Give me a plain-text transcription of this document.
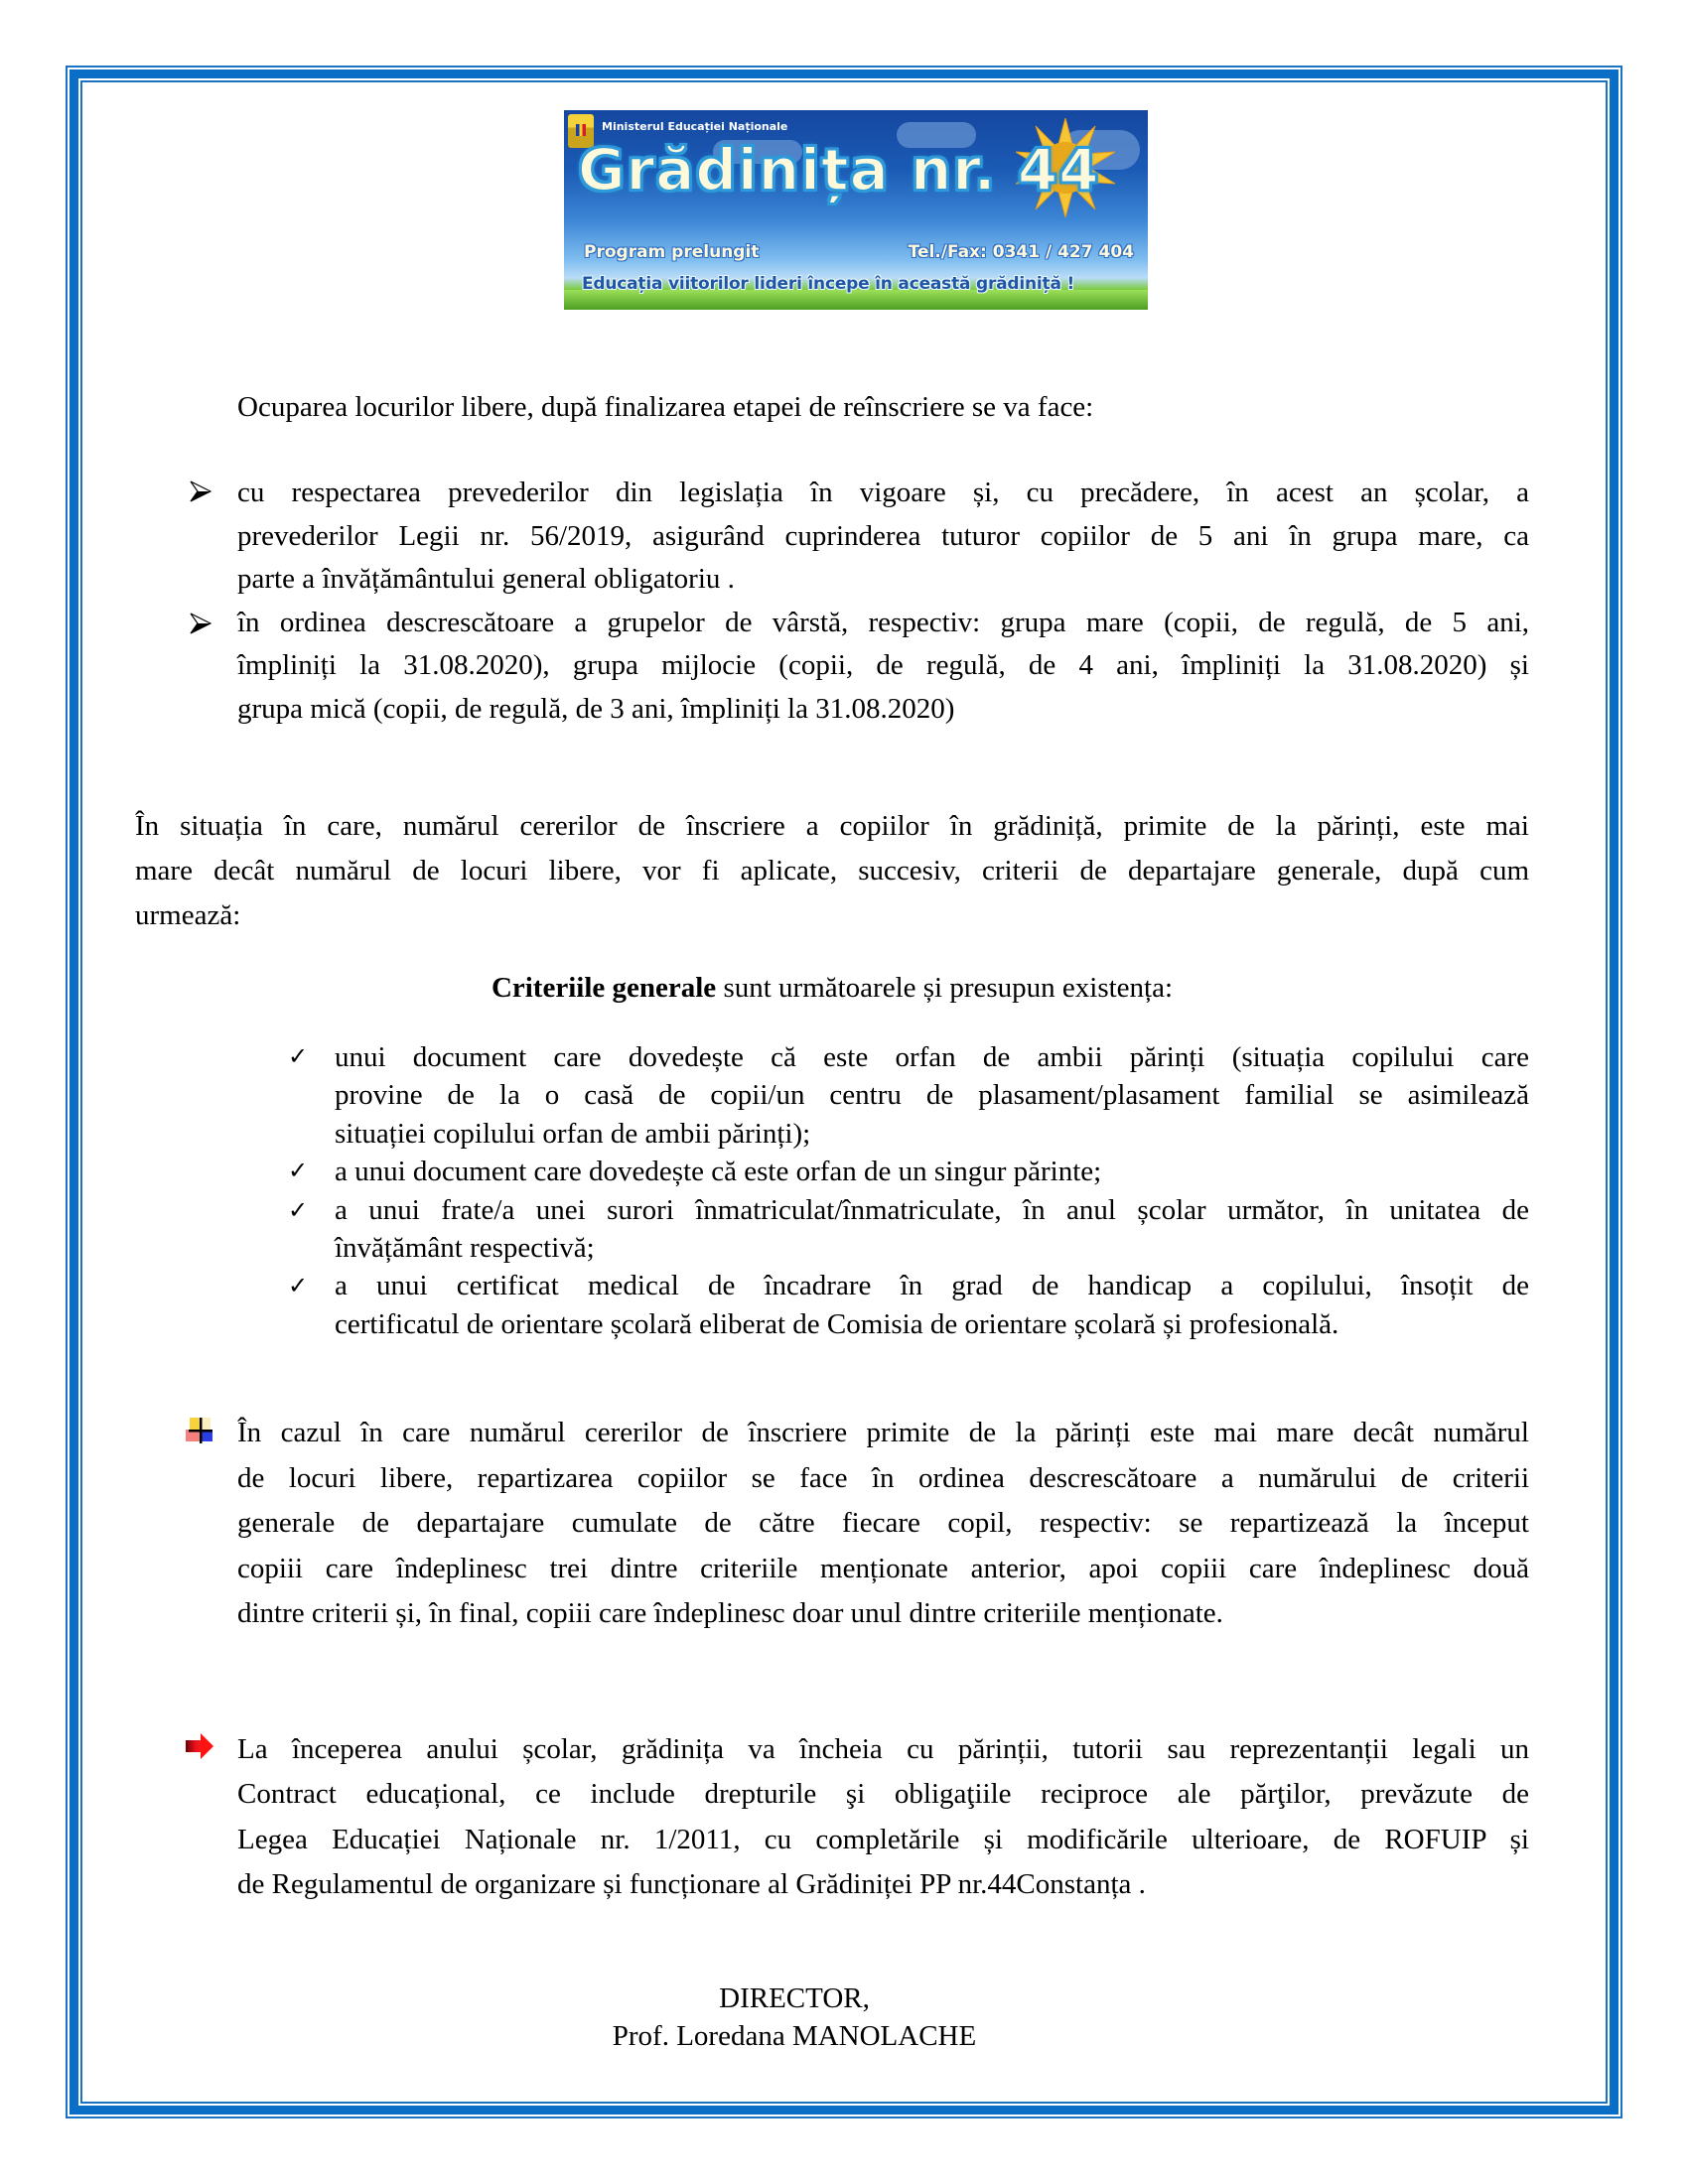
Ministerul Educației Naționale
Grădinița nr. 44
Program prelungit	Tel./Fax: 0341 / 427 404
Educația viitorilor lideri începe în această grădiniță !
Ocuparea locurilor libere, după finalizarea etapei de reînscriere se va face:
cu respectarea prevederilor din legislația în vigoare și, cu precădere, în acest an școlar, a
prevederilor Legii nr. 56/2019, asigurând cuprinderea tuturor copiilor de 5 ani în grupa mare, ca
parte a învățământului general obligatoriu .
în ordinea descrescătoare a grupelor de vârstă, respectiv: grupa mare (copii, de regulă, de 5 ani,
împliniți la 31.08.2020), grupa mijlocie (copii, de regulă, de 4 ani, împliniți la 31.08.2020) și
grupa mică (copii, de regulă, de 3 ani, împliniți la 31.08.2020)
În situația în care, numărul cererilor de înscriere a copiilor în grădiniță, primite de la părinți, este mai
mare decât numărul de locuri libere, vor fi aplicate, succesiv, criterii de departajare generale, după cum
urmează:
Criteriile generale sunt următoarele și presupun existența:
✓
✓
✓
✓
unui document care dovedește că este orfan de ambii părinți (situația copilului care
provine de la o casă de copii/un centru de plasament/plasament familial se asimilează
situației copilului orfan de ambii părinți);
a unui document care dovedește că este orfan de un singur părinte;
a unui frate/a unei surori înmatriculat/înmatriculate, în anul școlar următor, în unitatea de
învățământ respectivă;
a unui certificat medical de încadrare în grad de handicap a copilului, însoțit de
certificatul de orientare școlară eliberat de Comisia de orientare școlară și profesională.
În cazul în care numărul cererilor de înscriere primite de la părinți este mai mare decât numărul
de locuri libere, repartizarea copiilor se face în ordinea descrescătoare a numărului de criterii
generale de departajare cumulate de către fiecare copil, respectiv: se repartizează la început
copiii care îndeplinesc trei dintre criteriile menționate anterior, apoi copiii care îndeplinesc două
dintre criterii și, în final, copiii care îndeplinesc doar unul dintre criteriile menționate.
La începerea anului școlar, grădinița va încheia cu părinții, tutorii sau reprezentanții legali un
Contract educațional, ce include drepturile şi obligaţiile reciproce ale părţilor, prevăzute de
Legea Educației Naționale nr. 1/2011, cu completările și modificările ulterioare, de ROFUIP și
de Regulamentul de organizare și funcționare al Grădiniței PP nr.44Constanța .
DIRECTOR,
Prof. Loredana MANOLACHE
